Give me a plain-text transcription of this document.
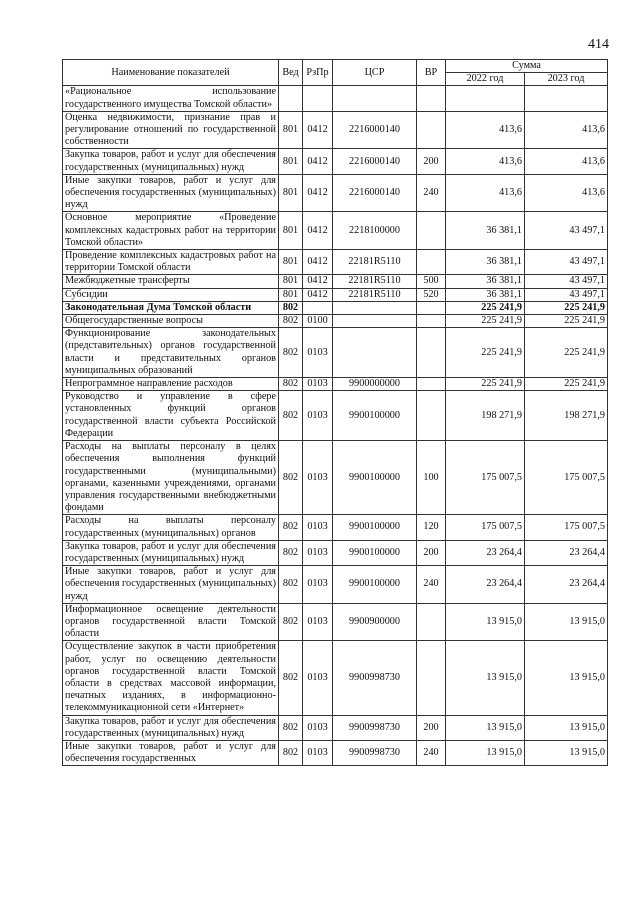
414
Наименование показателей	Вед	РзПр	ЦСР	ВР	Сумма	
					2022 год	2023 год
«Рациональное использование государственного имущества Томской области»						
Оценка недвижимости, признание прав и регулирование отношений по государственной собственности	801	0412	2216000140		413,6	413,6
Закупка товаров, работ и услуг для обеспечения государственных (муниципальных) нужд	801	0412	2216000140	200	413,6	413,6
Иные закупки товаров, работ и услуг для обеспечения государственных (муниципальных) нужд	801	0412	2216000140	240	413,6	413,6
Основное мероприятие «Проведение комплексных кадастровых работ на территории Томской области»	801	0412	2218100000		36 381,1	43 497,1
Проведение комплексных кадастровых работ на территории Томской области	801	0412	22181R5110		36 381,1	43 497,1
Межбюджетные трансферты	801	0412	22181R5110	500	36 381,1	43 497,1
Субсидии	801	0412	22181R5110	520	36 381,1	43 497,1
Законодательная Дума Томской области	802				225 241,9	225 241,9
Общегосударственные вопросы	802	0100			225 241,9	225 241,9
Функционирование законодательных (представительных) органов государственной власти и представительных органов муниципальных образований	802	0103			225 241,9	225 241,9
Непрограммное направление расходов	802	0103	9900000000		225 241,9	225 241,9
Руководство и управление в сфере установленных функций органов государственной власти субъекта Российской Федерации	802	0103	9900100000		198 271,9	198 271,9
Расходы на выплаты персоналу в целях обеспечения выполнения функций государственными (муниципальными) органами, казенными учреждениями, органами управления государственными внебюджетными фондами	802	0103	9900100000	100	175 007,5	175 007,5
Расходы на выплаты персоналу государственных (муниципальных) органов	802	0103	9900100000	120	175 007,5	175 007,5
Закупка товаров, работ и услуг для обеспечения государственных (муниципальных) нужд	802	0103	9900100000	200	23 264,4	23 264,4
Иные закупки товаров, работ и услуг для обеспечения государственных (муниципальных) нужд	802	0103	9900100000	240	23 264,4	23 264,4
Информационное освещение деятельности органов государственной власти Томской области	802	0103	9900900000		13 915,0	13 915,0
Осуществление закупок в части приобретения работ, услуг по освещению деятельности органов государственной власти Томской области в средствах массовой информации, печатных изданиях, в информационно-телекоммуникационной сети «Интернет»	802	0103	9900998730		13 915,0	13 915,0
Закупка товаров, работ и услуг для обеспечения государственных (муниципальных) нужд	802	0103	9900998730	200	13 915,0	13 915,0
Иные закупки товаров, работ и услуг для обеспечения государственных	802	0103	9900998730	240	13 915,0	13 915,0
